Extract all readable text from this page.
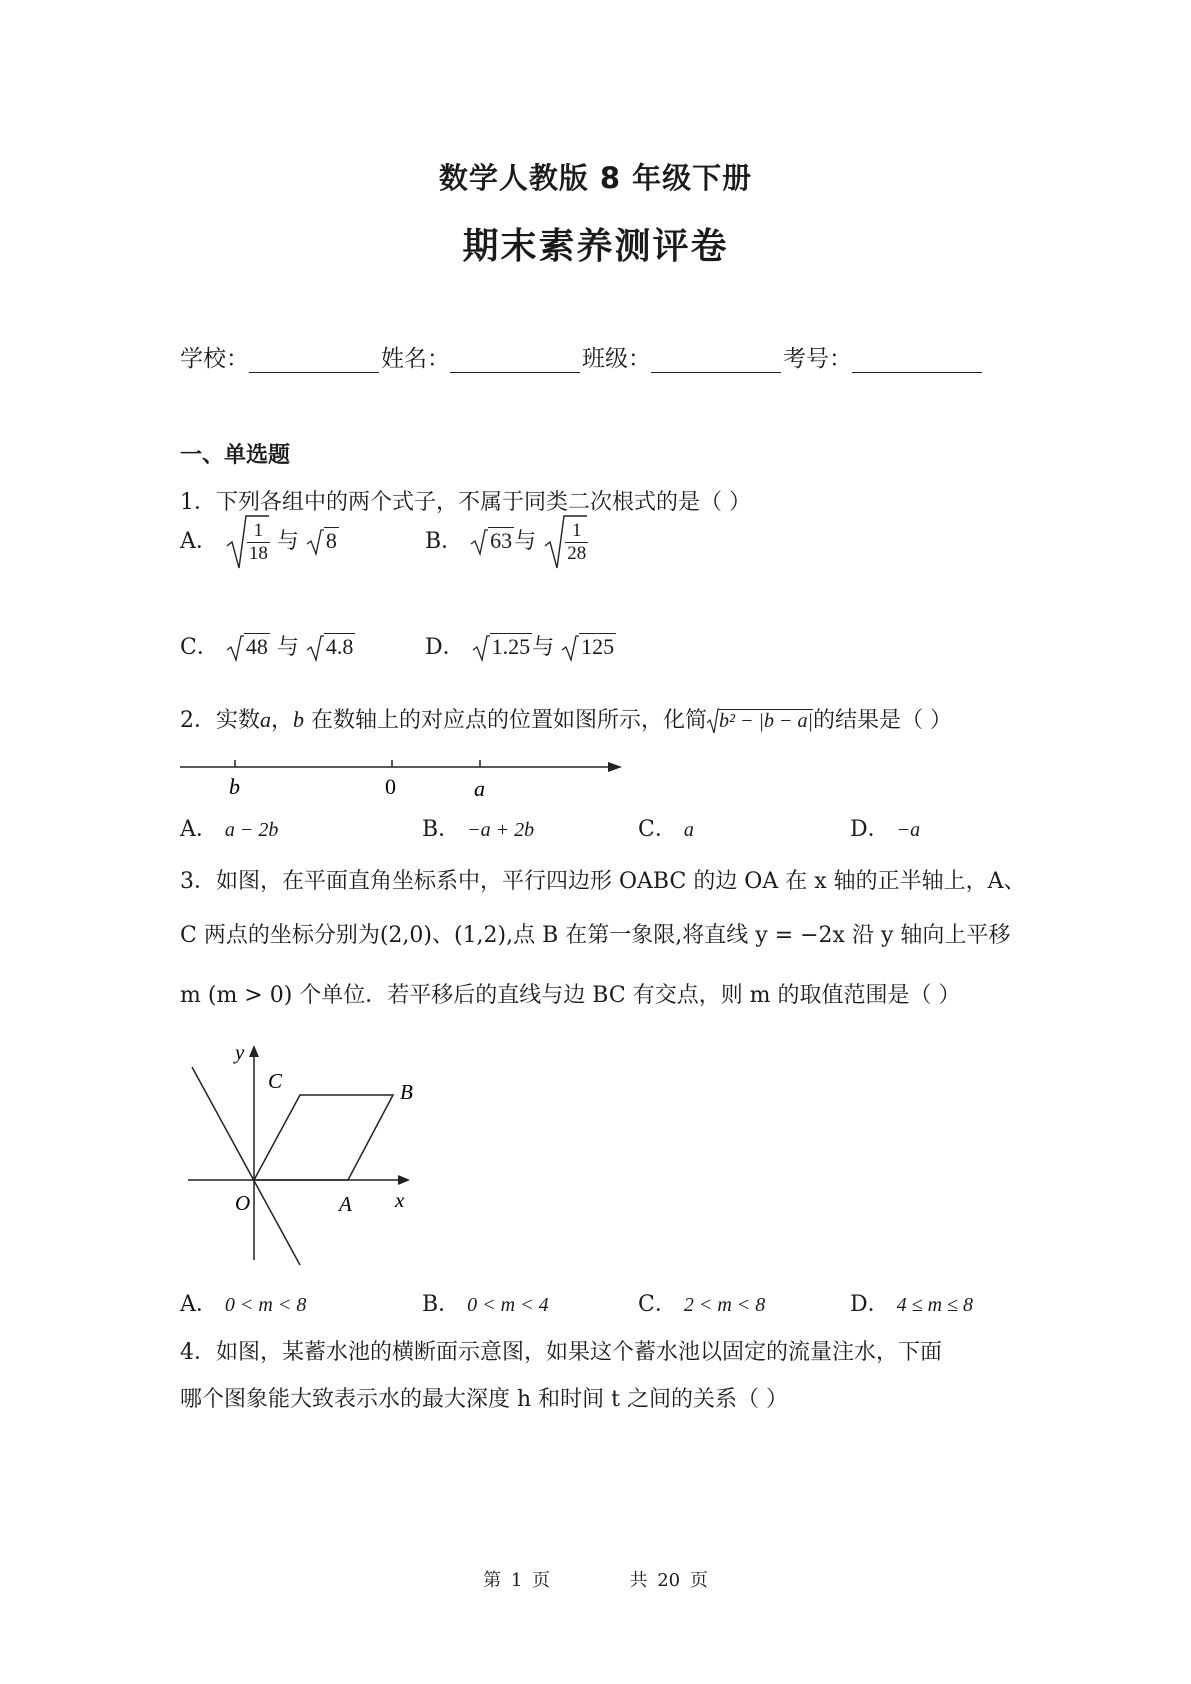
数学人教版 8 年级下册
期末素养测评卷
学校：	姓名：	班级：	考号：
一、单选题
1．下列各组中的两个式子，不属于同类二次根式的是（ ）
A． $\frac{1}{18}$ 与 8	B． 63与 $\frac{1}{28}$
C． 48 与 4.8	D． 1.25与 125
2．实数a，b 在数轴上的对应点的位置如图所示，化简 b² − |b − a|的结果是（ ）
b	0	a
A． a − 2b	B． −a + 2b	C． a	D． −a
3．如图，在平面直角坐标系中，平行四边形 OABC 的边 OA 在 x 轴的正半轴上，A、
C 两点的坐标分别为(2,0)、(1,2),点 B 在第一象限,将直线 y = −2x 沿 y 轴向上平移
m (m > 0) 个单位．若平移后的直线与边 BC 有交点，则 m 的取值范围是（ ）
C	B
O	A x
y
A． 0 < m < 8	B． 0 < m < 4	C． 2 < m < 8	D． 4 ≤ m ≤ 8
4．如图，某蓄水池的横断面示意图，如果这个蓄水池以固定的流量注水，下面
哪个图象能大致表示水的最大深度 h 和时间 t 之间的关系（ ）
第 1 页	共 20 页
